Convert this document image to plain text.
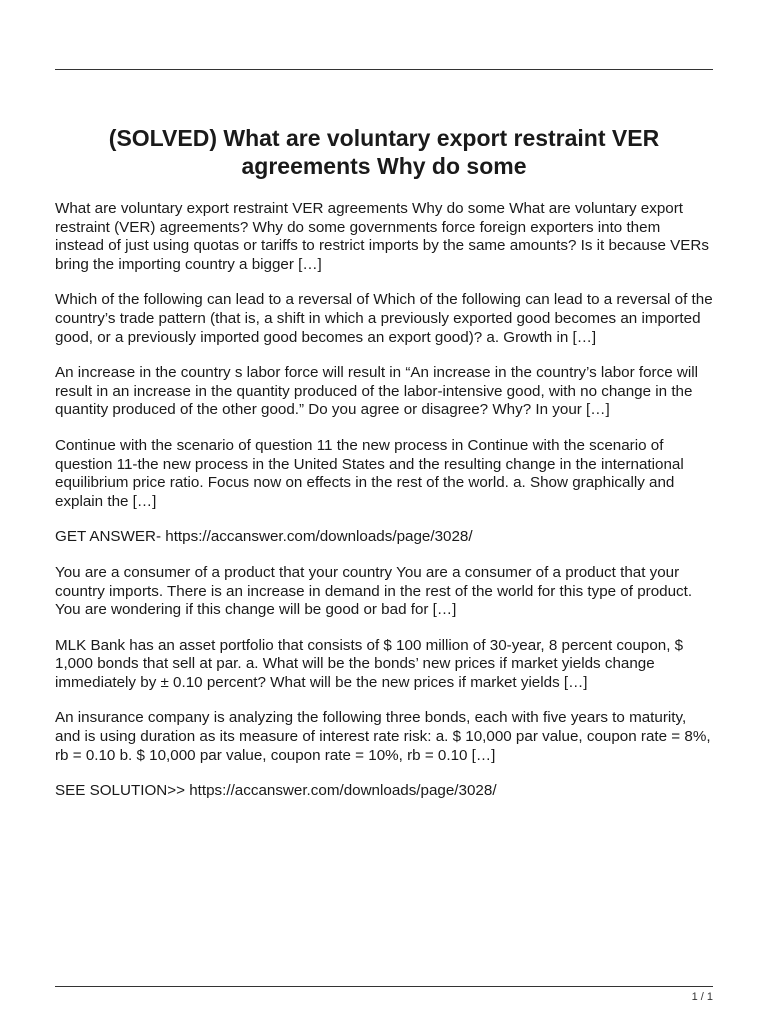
(SOLVED) What are voluntary export restraint VER agreements Why do some

What are voluntary export restraint VER agreements Why do some What are voluntary export restraint (VER) agreements? Why do some governments force foreign exporters into them instead of just using quotas or tariffs to restrict imports by the same amounts? Is it because VERs bring the importing country a bigger […]

Which of the following can lead to a reversal of Which of the following can lead to a reversal of the country’s trade pattern (that is, a shift in which a previously exported good becomes an imported good, or a previously imported good becomes an export good)? a. Growth in […]

An increase in the country s labor force will result in “An increase in the country’s labor force will result in an increase in the quantity produced of the labor-intensive good, with no change in the quantity produced of the other good.” Do you agree or disagree? Why? In your […]

Continue with the scenario of question 11 the new process in Continue with the scenario of question 11-the new process in the United States and the resulting change in the international equilibrium price ratio. Focus now on effects in the rest of the world. a. Show graphically and explain the […]

GET ANSWER- https://accanswer.com/downloads/page/3028/

You are a consumer of a product that your country You are a consumer of a product that your country imports. There is an increase in demand in the rest of the world for this type of product. You are wondering if this change will be good or bad for […]

MLK Bank has an asset portfolio that consists of $ 100 million of 30-year, 8 percent coupon, $ 1,000 bonds that sell at par. a. What will be the bonds’ new prices if market yields change immediately by ± 0.10 percent? What will be the new prices if market yields […]

An insurance company is analyzing the following three bonds, each with five years to maturity, and is using duration as its measure of interest rate risk: a. $ 10,000 par value, coupon rate = 8%, rb = 0.10 b. $ 10,000 par value, coupon rate = 10%, rb = 0.10 […]

SEE SOLUTION>> https://accanswer.com/downloads/page/3028/

1 / 1
